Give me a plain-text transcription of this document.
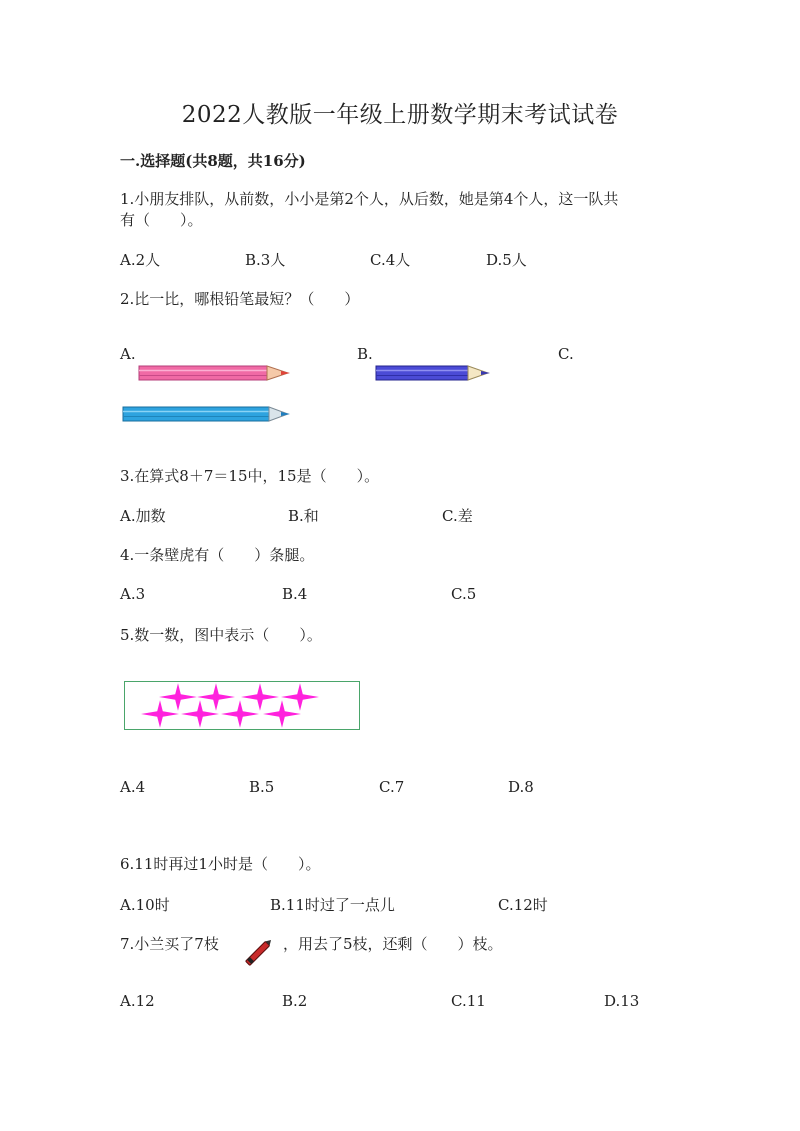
2022人教版一年级上册数学期末考试试卷
一.选择题(共8题，共16分)
1.小朋友排队，从前数，小小是第2个人，从后数，她是第4个人，这一队共
有（　　）。
A.2人	B.3人	C.4人	D.5人
2.比一比，哪根铅笔最短？（　　）
A.	B.	C.
3.在算式8＋7＝15中，15是（　　）。
A.加数	B.和	C.差
4.一条壁虎有（　　）条腿。
A.3	B.4	C.5
5.数一数，图中表示（　　）。
A.4	B.5	C.7	D.8
6.11时再过1小时是（　　）。
A.10时	B.11时过了一点儿	C.12时
7.小兰买了7枝	，用去了5枝，还剩（　　）枝。
A.12	B.2	C.11	D.13
